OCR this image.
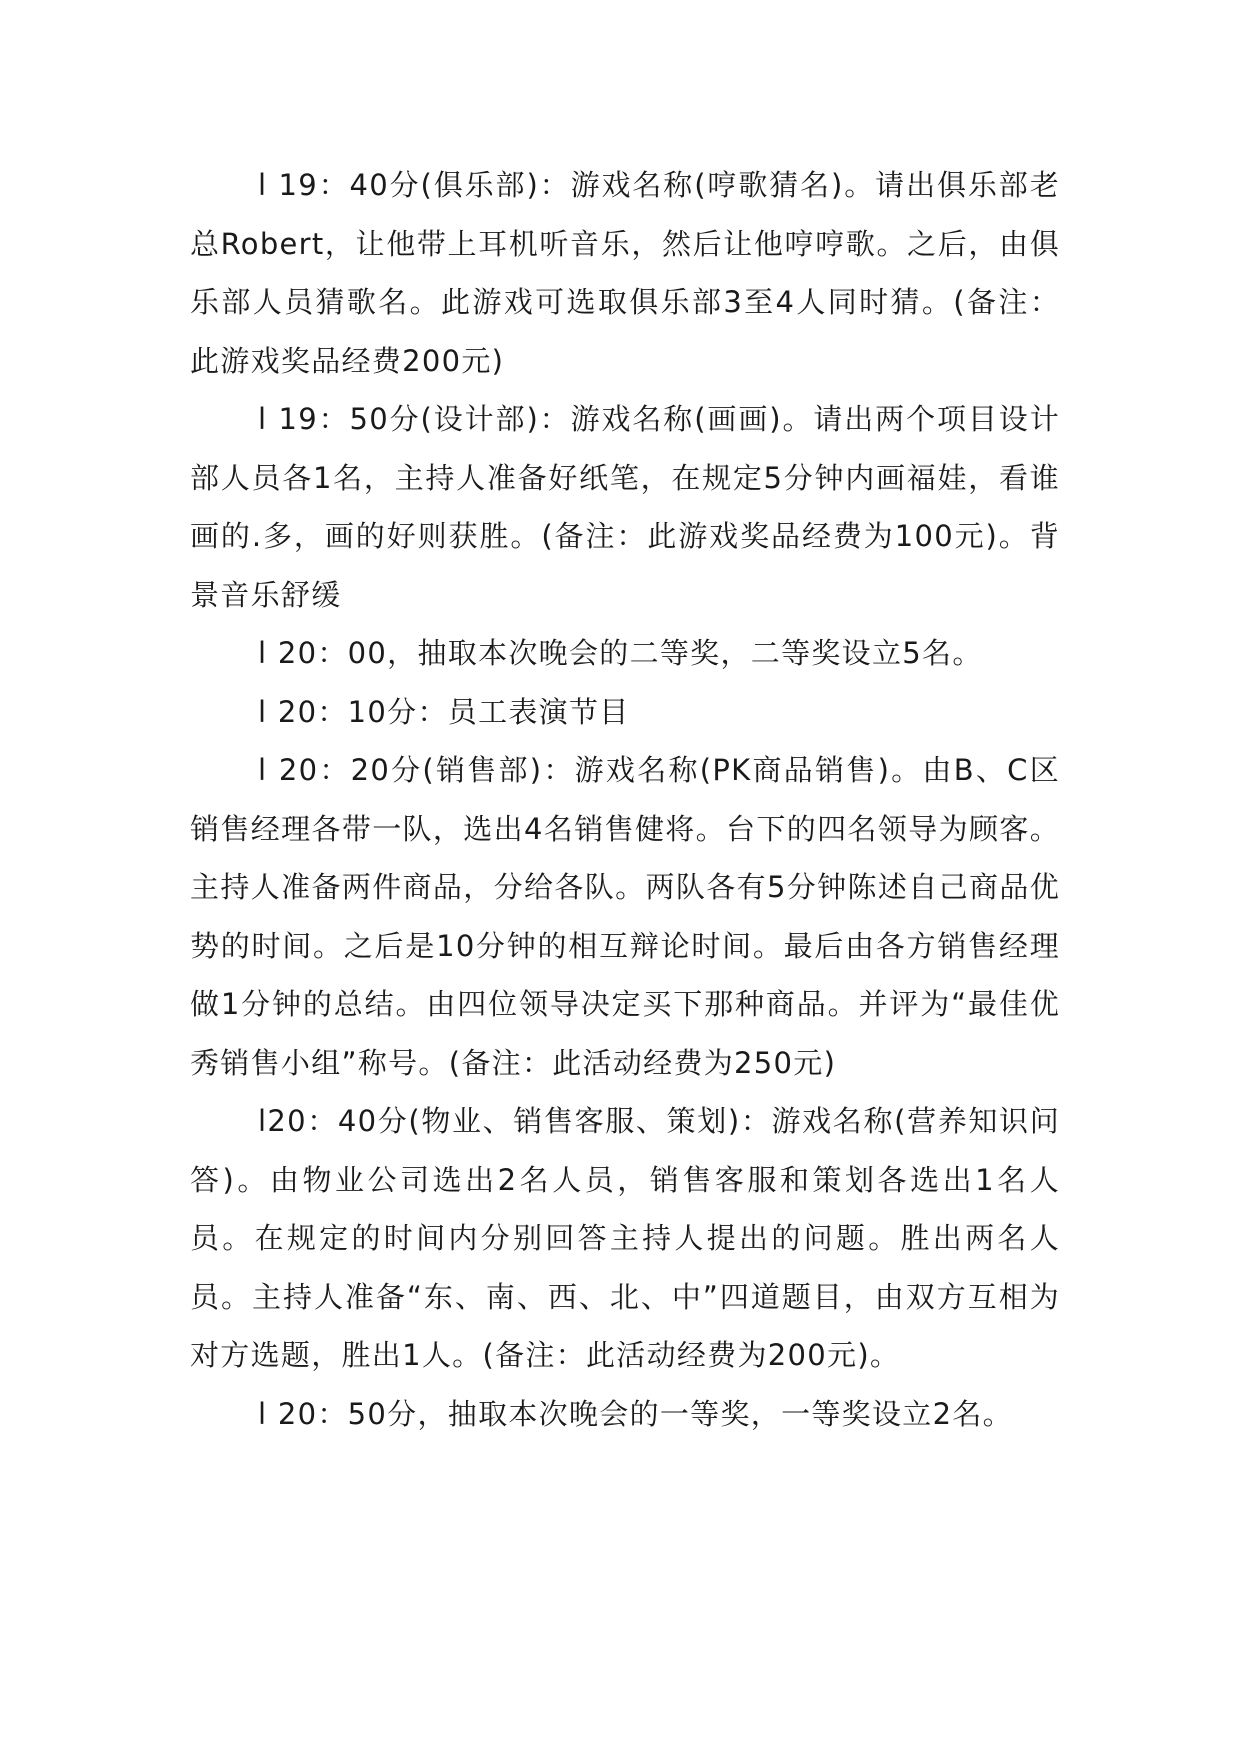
l 19：40分(俱乐部)：游戏名称(哼歌猜名)。请出俱乐部老总Robert，让他带上耳机听音乐，然后让他哼哼歌。之后，由俱乐部人员猜歌名。此游戏可选取俱乐部3至4人同时猜。(备注：此游戏奖品经费200元)

l 19：50分(设计部)：游戏名称(画画)。请出两个项目设计部人员各1名，主持人准备好纸笔，在规定5分钟内画福娃，看谁画的.多，画的好则获胜。(备注：此游戏奖品经费为100元)。背景音乐舒缓

l 20：00，抽取本次晚会的二等奖，二等奖设立5名。

l 20：10分：员工表演节目

l 20：20分(销售部)：游戏名称(PK商品销售)。由B、C区销售经理各带一队，选出4名销售健将。台下的四名领导为顾客。主持人准备两件商品，分给各队。两队各有5分钟陈述自己商品优势的时间。之后是10分钟的相互辩论时间。最后由各方销售经理做1分钟的总结。由四位领导决定买下那种商品。并评为“最佳优秀销售小组”称号。(备注：此活动经费为250元)

l20：40分(物业、销售客服、策划)：游戏名称(营养知识问答)。由物业公司选出2名人员，销售客服和策划各选出1名人员。在规定的时间内分别回答主持人提出的问题。胜出两名人员。主持人准备“东、南、西、北、中”四道题目，由双方互相为对方选题，胜出1人。(备注：此活动经费为200元)。

l 20：50分，抽取本次晚会的一等奖，一等奖设立2名。
